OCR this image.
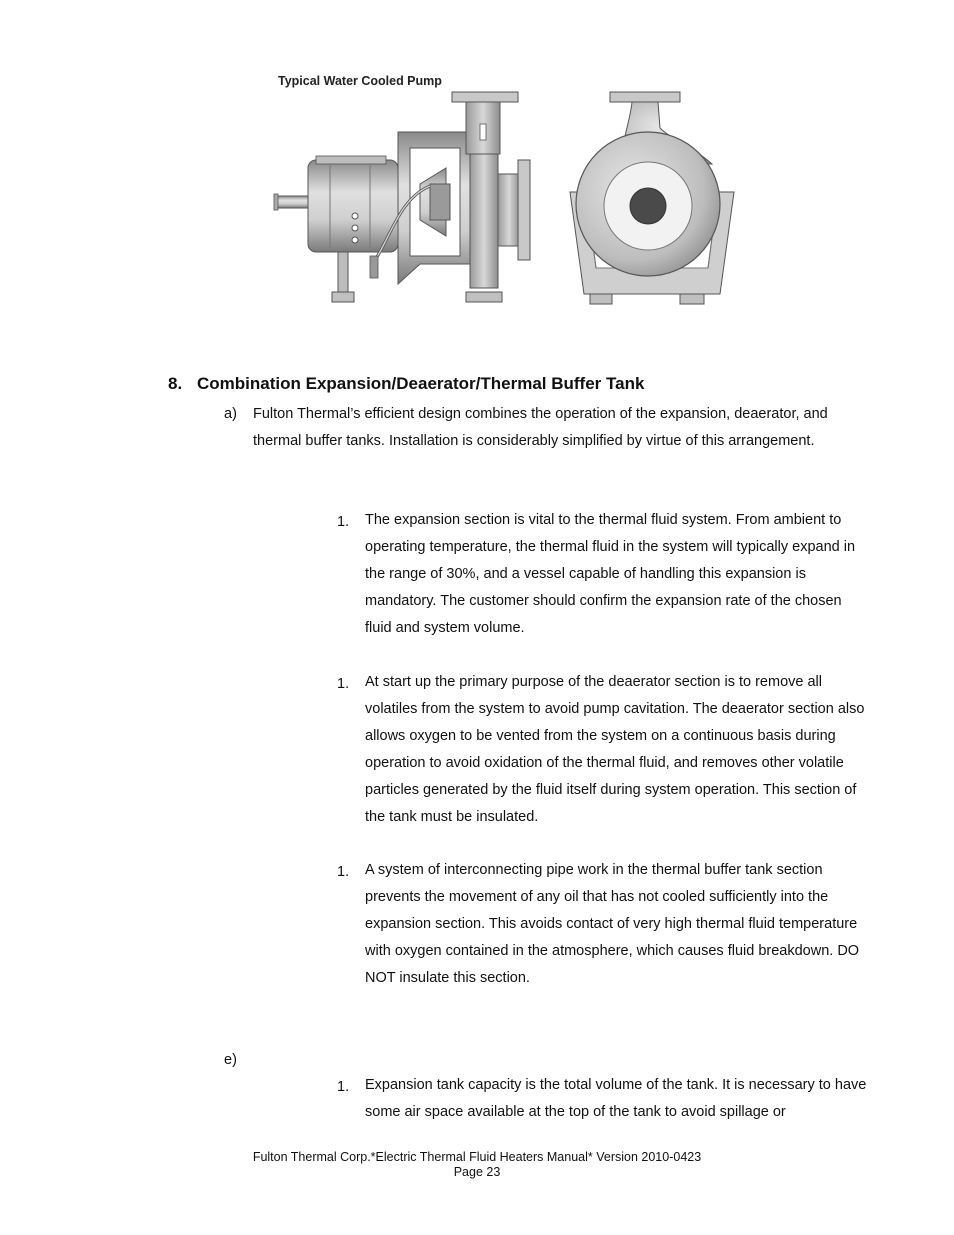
Typical Water Cooled Pump
8. Combination Expansion/Deaerator/Thermal Buffer Tank
a) Fulton Thermal’s efficient design combines the operation of the expansion, deaerator, and thermal buffer tanks. Installation is considerably simplified by virtue of this arrangement.
1. The expansion section is vital to the thermal fluid system. From ambient to operating temperature, the thermal fluid in the system will typically expand in the range of 30%, and a vessel capable of handling this expansion is mandatory. The customer should confirm the expansion rate of the chosen fluid and system volume.
1. At start up the primary purpose of the deaerator section is to remove all volatiles from the system to avoid pump cavitation. The deaerator section also allows oxygen to be vented from the system on a continuous basis during operation to avoid oxidation of the thermal fluid, and removes other volatile particles generated by the fluid itself during system operation. This section of the tank must be insulated.
1. A system of interconnecting pipe work in the thermal buffer tank section prevents the movement of any oil that has not cooled sufficiently into the expansion section. This avoids contact of very high thermal fluid temperature with oxygen contained in the atmosphere, which causes fluid breakdown. DO NOT insulate this section.
e)
1. Expansion tank capacity is the total volume of the tank. It is necessary to have some air space available at the top of the tank to avoid spillage or
Fulton Thermal Corp.*Electric Thermal Fluid Heaters Manual* Version 2010-0423
Page 23
